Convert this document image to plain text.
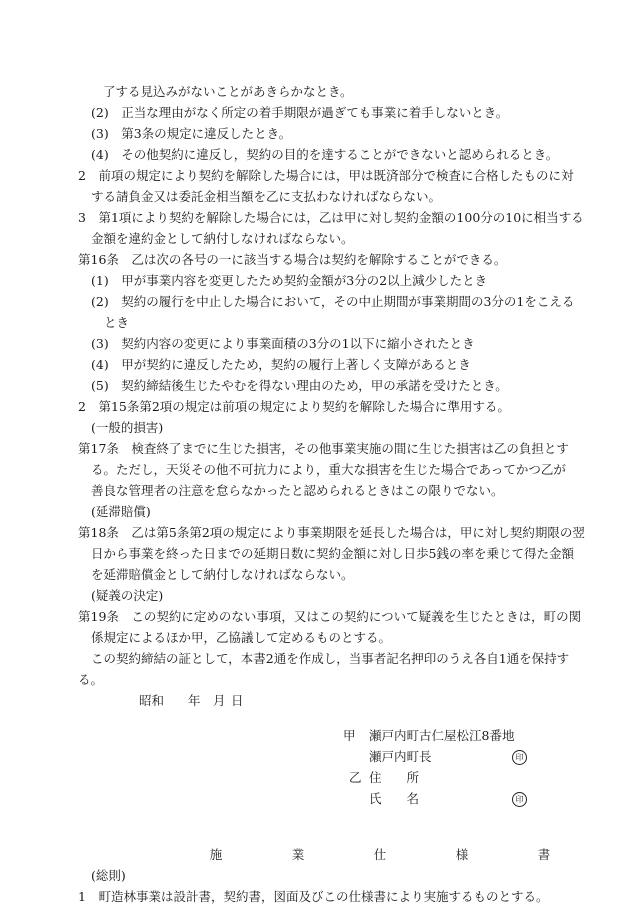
了する見込みがないことがあきらかなとき。
(2)　正当な理由がなく所定の着手期限が過ぎても事業に着手しないとき。
(3)　第3条の規定に違反したとき。
(4)　その他契約に違反し，契約の目的を達することができないと認められるとき。
2　前項の規定により契約を解除した場合には，甲は既済部分で検査に合格したものに対
する請負金又は委託金相当額を乙に支払わなければならない。
3　第1項により契約を解除した場合には，乙は甲に対し契約金額の100分の10に相当する
金額を違約金として納付しなければならない。
第16条　乙は次の各号の一に該当する場合は契約を解除することができる。
(1)　甲が事業内容を変更したため契約金額が3分の2以上減少したとき
(2)　契約の履行を中止した場合において，その中止期間が事業期間の3分の1をこえる
とき
(3)　契約内容の変更により事業面積の3分の1以下に縮小されたとき
(4)　甲が契約に違反したため，契約の履行上著しく支障があるとき
(5)　契約締結後生じたやむを得ない理由のため，甲の承諾を受けたとき。
2　第15条第2項の規定は前項の規定により契約を解除した場合に準用する。
(一般的損害)
第17条　検査終了までに生じた損害，その他事業実施の間に生じた損害は乙の負担とす
る。ただし，天災その他不可抗力により，重大な損害を生じた場合であってかつ乙が
善良な管理者の注意を怠らなかったと認められるときはこの限りでない。
(延滞賠償)
第18条　乙は第5条第2項の規定により事業期限を延長した場合は，甲に対し契約期限の翌
日から事業を終った日までの延期日数に契約金額に対し日歩5銭の率を乗じて得た金額
を延滞賠償金として納付しなければならない。
(疑義の決定)
第19条　この契約に定めのない事項，又はこの契約について疑義を生じたときは，町の関
係規定によるほか甲，乙協議して定めるものとする。
この契約締結の証として，本書2通を作成し，当事者記名押印のうえ各自1通を保持す
る。
昭和 年 月 日
甲 瀬戸内町古仁屋松江8番地
瀬戸内町長	印
乙 住　　所
氏　　名	印
施	業	仕	様	書
(総則)
1　町造林事業は設計書，契約書，図面及びこの仕様書により実施するものとする。
